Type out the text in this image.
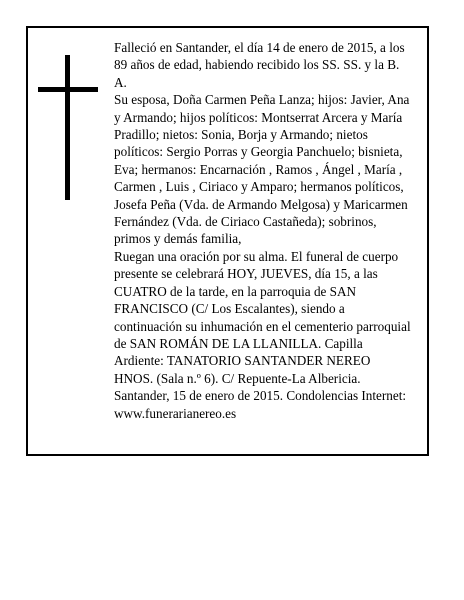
Falleció en Santander, el día 14 de enero de 2015, a los
89 años de edad, habiendo recibido los SS. SS. y la B.
A.
Su esposa, Doña Carmen Peña Lanza; hijos: Javier, Ana
y Armando; hijos políticos: Montserrat Arcera y María
Pradillo; nietos: Sonia, Borja y Armando; nietos
políticos: Sergio Porras y Georgia Panchuelo; bisnieta,
Eva; hermanos: Encarnación , Ramos , Ángel , María ,
Carmen , Luis , Ciriaco y Amparo; hermanos políticos,
Josefa Peña (Vda. de Armando Melgosa) y Maricarmen
Fernández (Vda. de Ciriaco Castañeda); sobrinos,
primos y demás familia,
Ruegan una oración por su alma. El funeral de cuerpo
presente se celebrará HOY, JUEVES, día 15, a las
CUATRO de la tarde, en la parroquia de SAN
FRANCISCO (C/ Los Escalantes), siendo a
continuación su inhumación en el cementerio parroquial
de SAN ROMÁN DE LA LLANILLA. Capilla
Ardiente: TANATORIO SANTANDER NEREO
HNOS. (Sala n.º 6). C/ Repuente-La Albericia.
Santander, 15 de enero de 2015. Condolencias Internet:
www.funerarianereo.es
